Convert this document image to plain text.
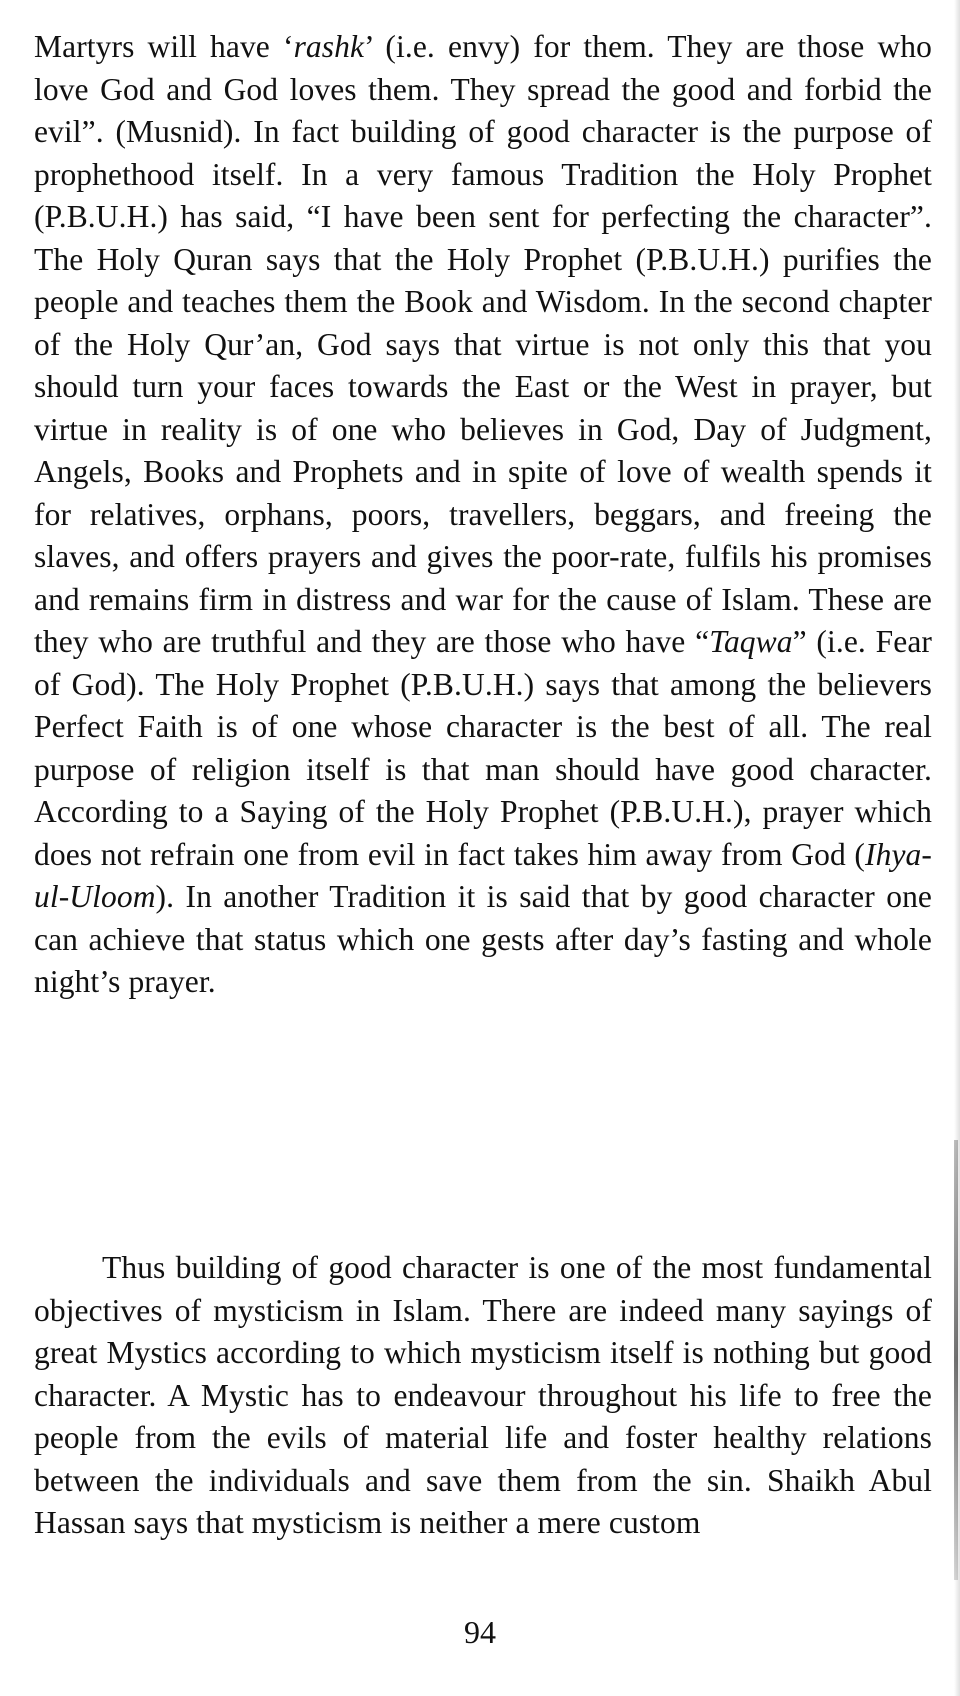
Martyrs will have ‘rashk’ (i.e. envy) for them. They are those who love God and God loves them. They spread the good and forbid the evil”. (Musnid). In fact building of good character is the purpose of prophethood itself. In a very famous Tradition the Holy Prophet (P.B.U.H.) has said, “I have been sent for perfecting the character”. The Holy Quran says that the Holy Prophet (P.B.U.H.) purifies the people and teaches them the Book and Wisdom. In the second chapter of the Holy Qur’an, God says that virtue is not only this that you should turn your faces towards the East or the West in prayer, but virtue in reality is of one who believes in God, Day of Judgment, Angels, Books and Prophets and in spite of love of wealth spends it for relatives, orphans, poors, travellers, beggars, and freeing the slaves, and offers prayers and gives the poor-rate, fulfils his promises and remains firm in distress and war for the cause of Islam. These are they who are truthful and they are those who have “Taqwa” (i.e. Fear of God). The Holy Prophet (P.B.U.H.) says that among the believers Perfect Faith is of one whose character is the best of all. The real purpose of religion itself is that man should have good character. According to a Saying of the Holy Prophet (P.B.U.H.), prayer which does not refrain one from evil in fact takes him away from God (Ihya-ul-Uloom). In another Tradition it is said that by good character one can achieve that status which one gests after day’s fasting and whole night’s prayer.

Thus building of good character is one of the most fundamental objectives of mysticism in Islam. There are indeed many sayings of great Mystics according to which mysticism itself is nothing but good character. A Mystic has to endeavour throughout his life to free the people from the evils of material life and foster healthy relations between the individuals and save them from the sin. Shaikh Abul Hassan says that mysticism is neither a mere custom

94
